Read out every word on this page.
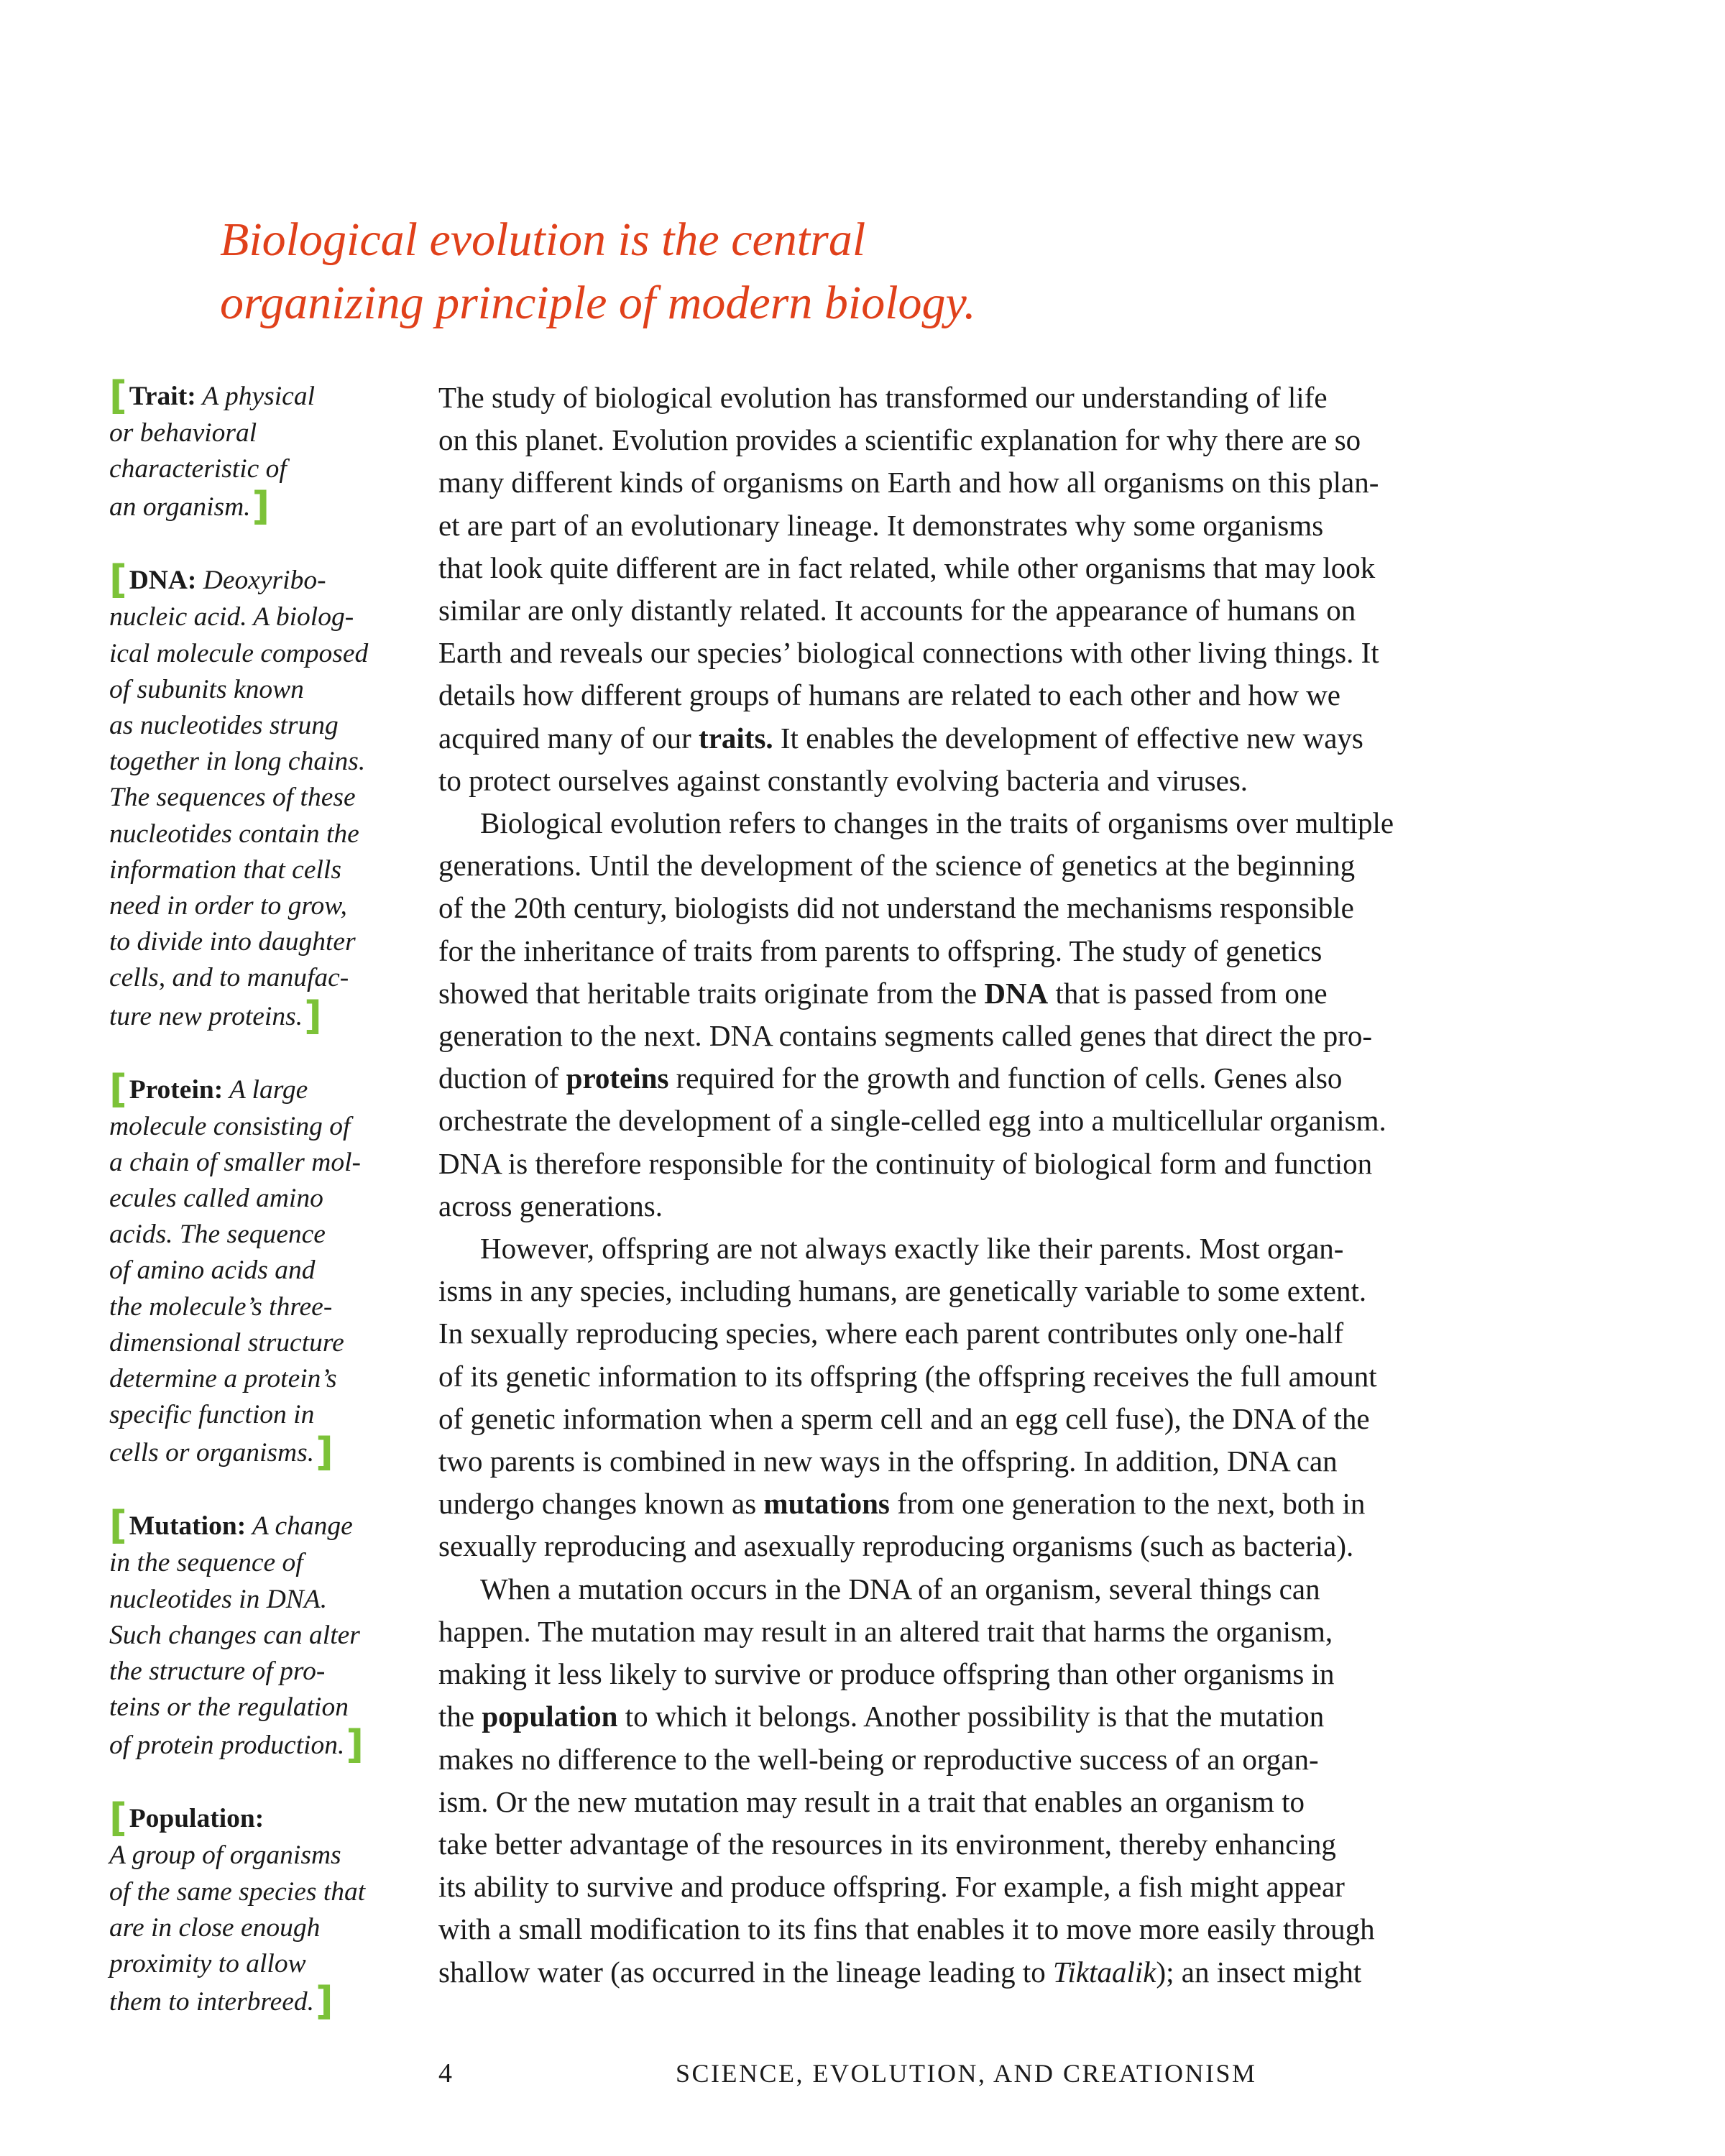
Biological evolution is the central
organizing principle of modern biology.
[Trait: A physical
or behavioral
characteristic of
an organism.]
[DNA: Deoxyribo-
nucleic acid. A biolog-
ical molecule composed
of subunits known
as nucleotides strung
together in long chains.
The sequences of these
nucleotides contain the
information that cells
need in order to grow,
to divide into daughter
cells, and to manufac-
ture new proteins.]
[Protein: A large
molecule consisting of
a chain of smaller mol-
ecules called amino
acids. The sequence
of amino acids and
the molecule’s three-
dimensional structure
determine a protein’s
specific function in
cells or organisms.]
[Mutation: A change
in the sequence of
nucleotides in DNA.
Such changes can alter
the structure of pro-
teins or the regulation
of protein production.]
[Population:
A group of organisms
of the same species that
are in close enough
proximity to allow
them to interbreed.]
The study of biological evolution has transformed our understanding of life
on this planet. Evolution provides a scientific explanation for why there are so
many different kinds of organisms on Earth and how all organisms on this plan-
et are part of an evolutionary lineage. It demonstrates why some organisms
that look quite different are in fact related, while other organisms that may look
similar are only distantly related. It accounts for the appearance of humans on
Earth and reveals our species’ biological connections with other living things. It
details how different groups of humans are related to each other and how we
acquired many of our traits. It enables the development of effective new ways
to protect ourselves against constantly evolving bacteria and viruses.
Biological evolution refers to changes in the traits of organisms over multiple
generations. Until the development of the science of genetics at the beginning
of the 20th century, biologists did not understand the mechanisms responsible
for the inheritance of traits from parents to offspring. The study of genetics
showed that heritable traits originate from the DNA that is passed from one
generation to the next. DNA contains segments called genes that direct the pro-
duction of proteins required for the growth and function of cells. Genes also
orchestrate the development of a single-celled egg into a multicellular organism.
DNA is therefore responsible for the continuity of biological form and function
across generations.
However, offspring are not always exactly like their parents. Most organ-
isms in any species, including humans, are genetically variable to some extent.
In sexually reproducing species, where each parent contributes only one-half
of its genetic information to its offspring (the offspring receives the full amount
of genetic information when a sperm cell and an egg cell fuse), the DNA of the
two parents is combined in new ways in the offspring. In addition, DNA can
undergo changes known as mutations from one generation to the next, both in
sexually reproducing and asexually reproducing organisms (such as bacteria).
When a mutation occurs in the DNA of an organism, several things can
happen. The mutation may result in an altered trait that harms the organism,
making it less likely to survive or produce offspring than other organisms in
the population to which it belongs. Another possibility is that the mutation
makes no difference to the well-being or reproductive success of an organ-
ism. Or the new mutation may result in a trait that enables an organism to
take better advantage of the resources in its environment, thereby enhancing
its ability to survive and produce offspring. For example, a fish might appear
with a small modification to its fins that enables it to move more easily through
shallow water (as occurred in the lineage leading to Tiktaalik); an insect might
4	SCIENCE, EVOLUTION, AND CREATIONISM
